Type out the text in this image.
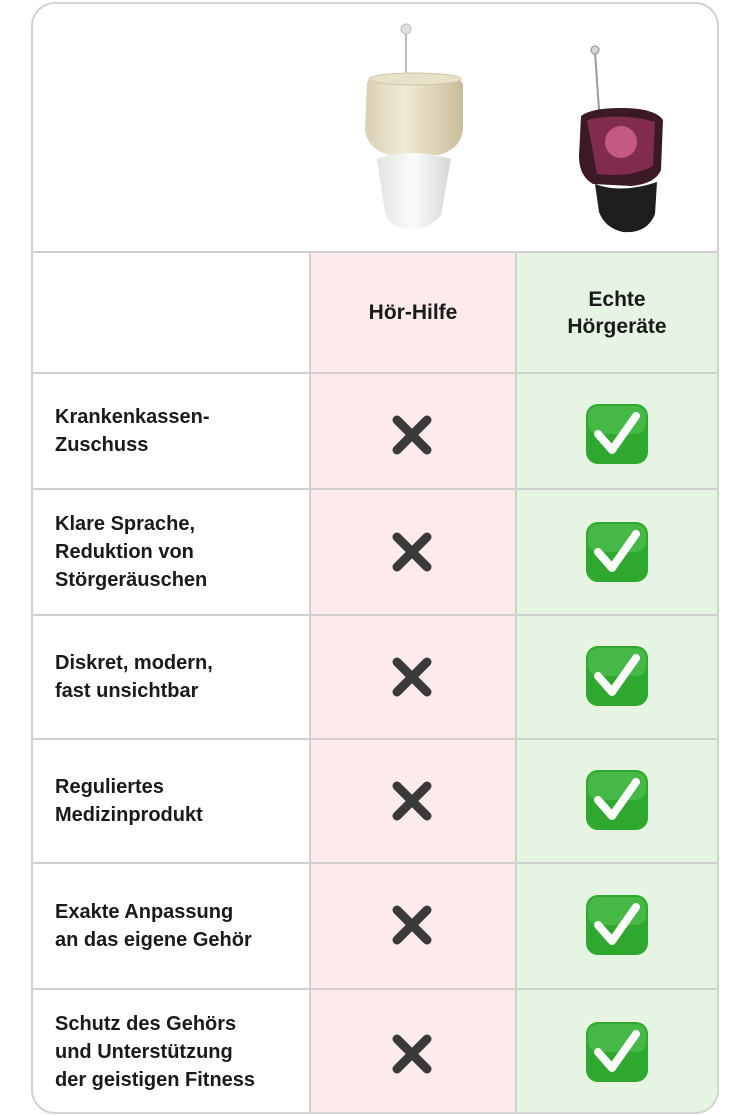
Hör-Hilfe
Echte
Hörgeräte
Krankenkassen-
Zuschuss
Klare Sprache,
Reduktion von
Störgeräuschen
Diskret, modern,
fast unsichtbar
Reguliertes
Medizinprodukt
Exakte Anpassung
an das eigene Gehör
Schutz des Gehörs
und Unterstützung
der geistigen Fitness
